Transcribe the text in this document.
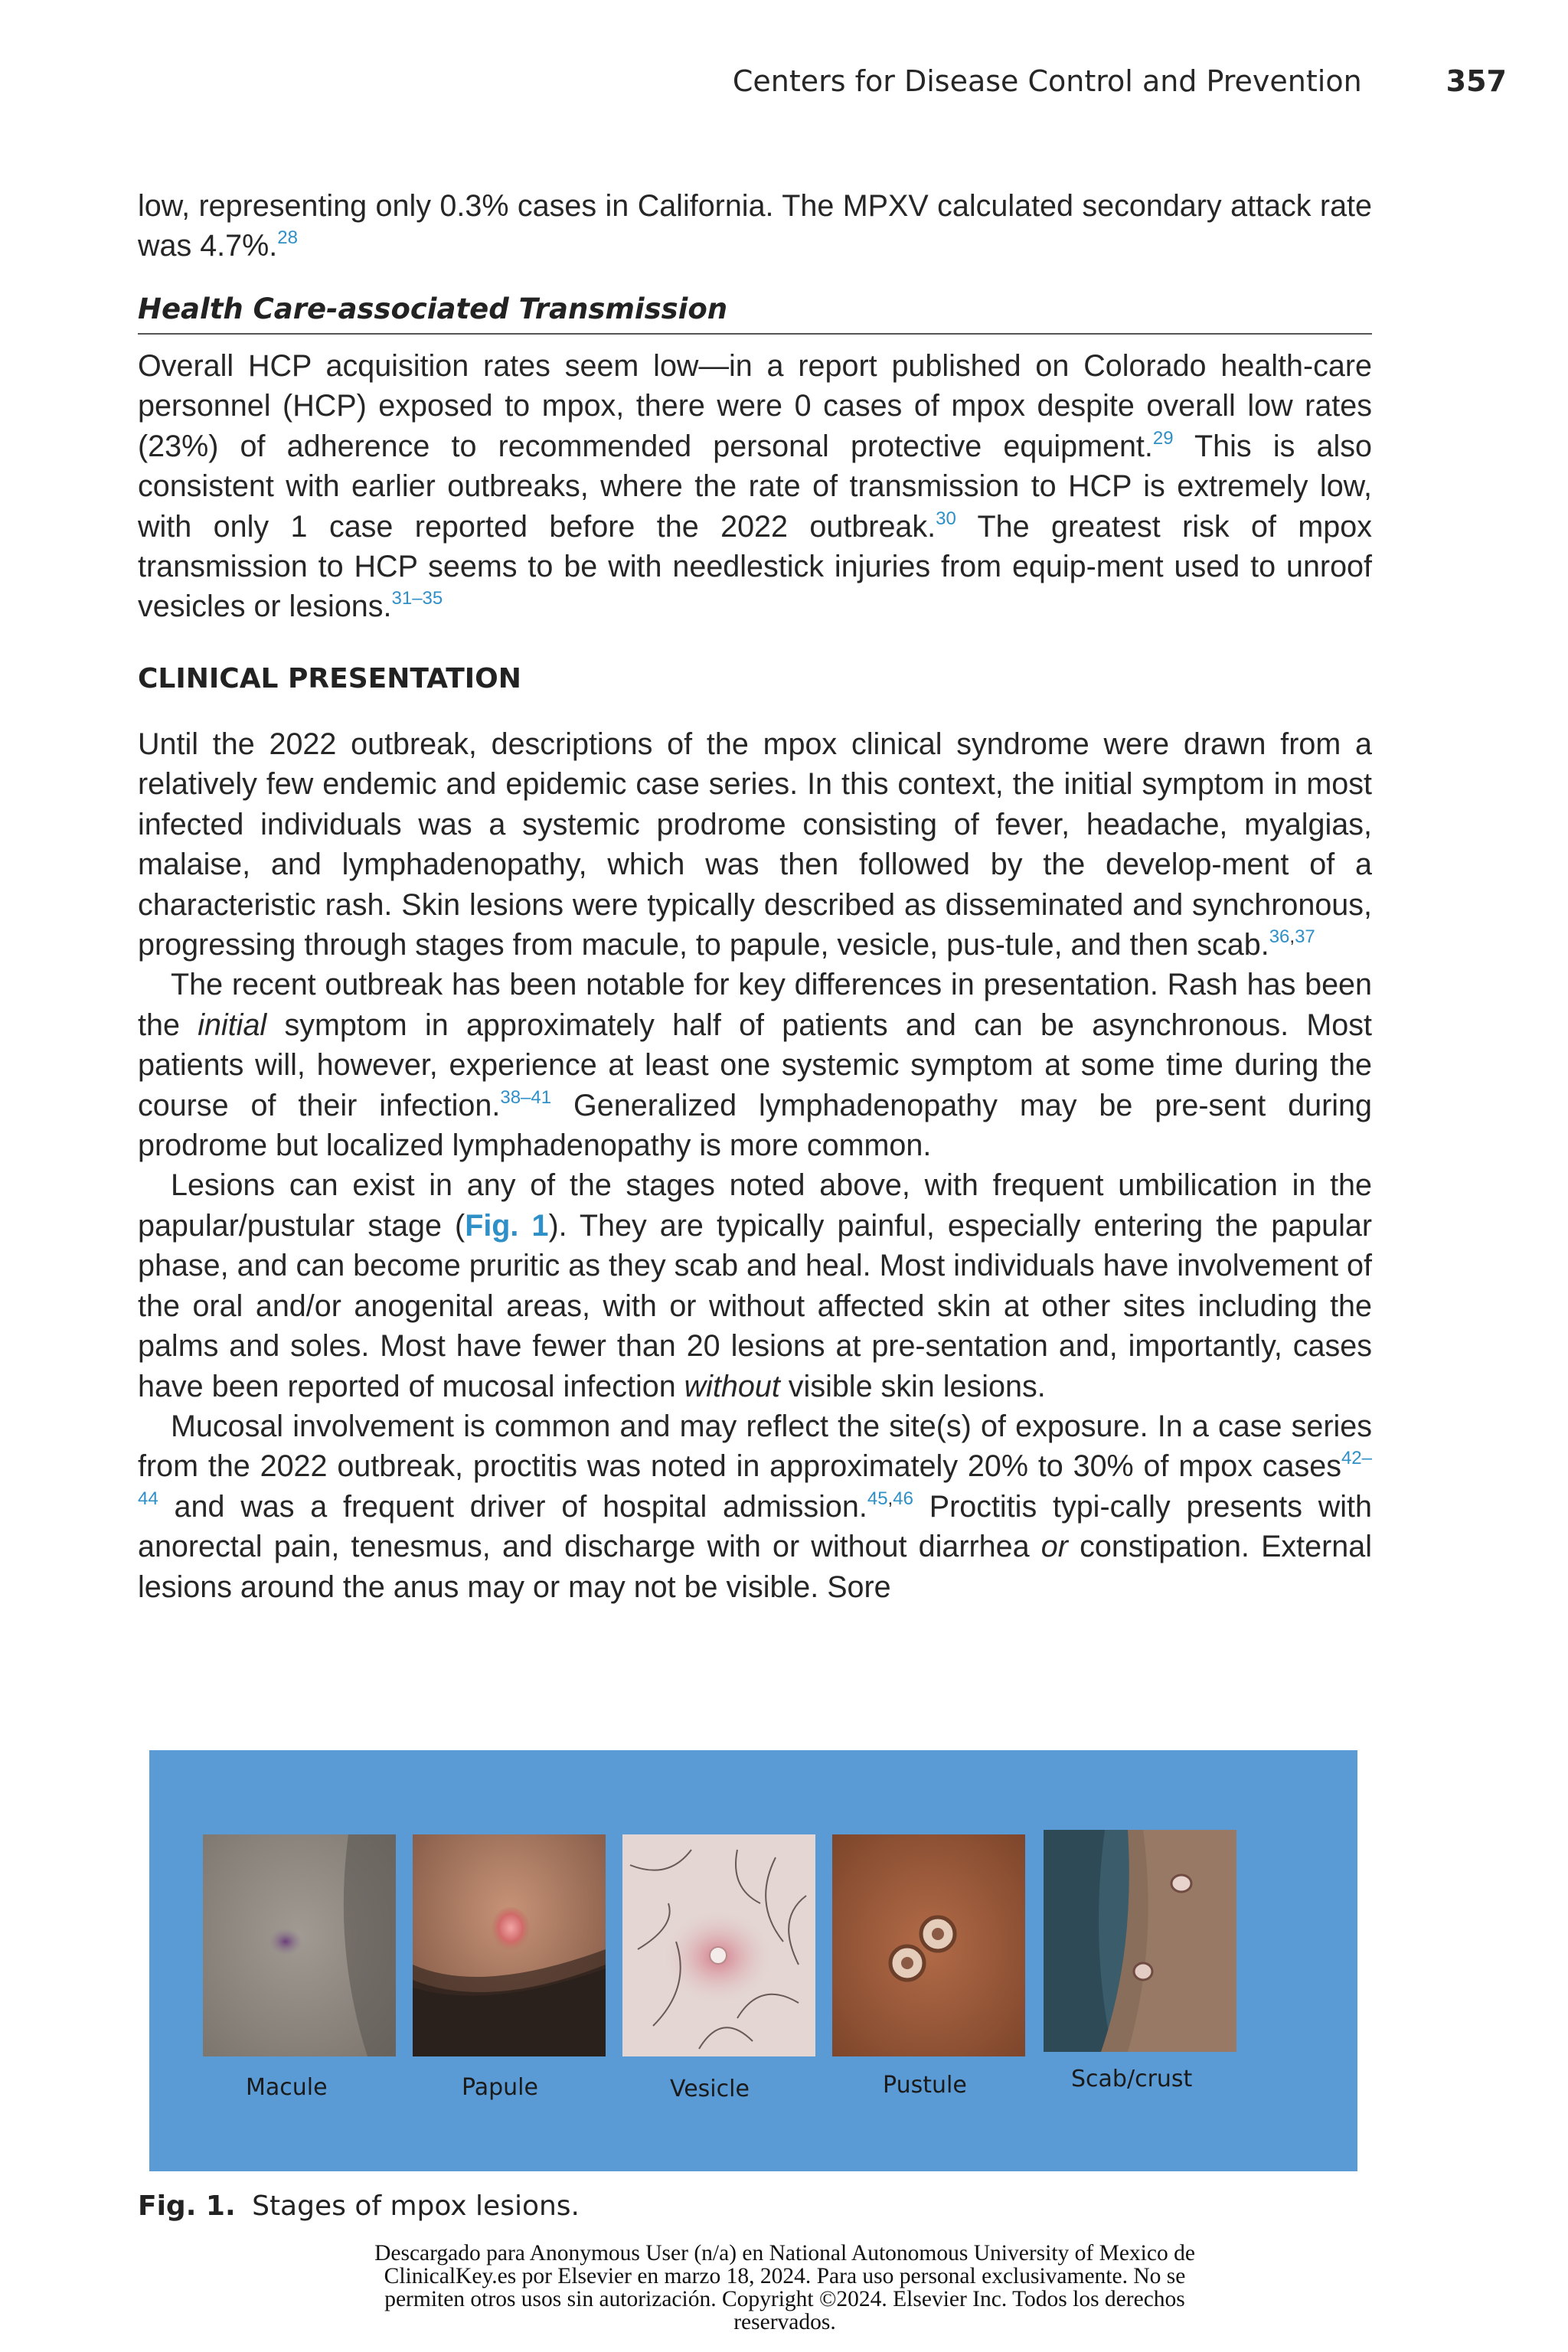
Centers for Disease Control and Prevention	357

low, representing only 0.3% cases in California. The MPXV calculated secondary attack rate was 4.7%.$^{28}$

Health Care-associated Transmission

Overall HCP acquisition rates seem low—in a report published on Colorado health-care personnel (HCP) exposed to mpox, there were 0 cases of mpox despite overall low rates (23%) of adherence to recommended personal protective equipment.$^{29}$ This is also consistent with earlier outbreaks, where the rate of transmission to HCP is extremely low, with only 1 case reported before the 2022 outbreak.$^{30}$ The greatest risk of mpox transmission to HCP seems to be with needlestick injuries from equip-ment used to unroof vesicles or lesions.$^{31-35}$

CLINICAL PRESENTATION

Until the 2022 outbreak, descriptions of the mpox clinical syndrome were drawn from a relatively few endemic and epidemic case series. In this context, the initial symptom in most infected individuals was a systemic prodrome consisting of fever, headache, myalgias, malaise, and lymphadenopathy, which was then followed by the develop-ment of a characteristic rash. Skin lesions were typically described as disseminated and synchronous, progressing through stages from macule, to papule, vesicle, pus-tule, and then scab.$^{36,37}$

The recent outbreak has been notable for key differences in presentation. Rash has been the initial symptom in approximately half of patients and can be asynchronous. Most patients will, however, experience at least one systemic symptom at some time during the course of their infection.$^{38-41}$ Generalized lymphadenopathy may be pre-sent during prodrome but localized lymphadenopathy is more common.

Lesions can exist in any of the stages noted above, with frequent umbilication in the papular/pustular stage (Fig. 1). They are typically painful, especially entering the papular phase, and can become pruritic as they scab and heal. Most individuals have involvement of the oral and/or anogenital areas, with or without affected skin at other sites including the palms and soles. Most have fewer than 20 lesions at pre-sentation and, importantly, cases have been reported of mucosal infection without visible skin lesions.

Mucosal involvement is common and may reflect the site(s) of exposure. In a case series from the 2022 outbreak, proctitis was noted in approximately 20% to 30% of mpox cases$^{42-44}$ and was a frequent driver of hospital admission.$^{45,46}$ Proctitis typi-cally presents with anorectal pain, tenesmus, and discharge with or without diarrhea or constipation. External lesions around the anus may or may not be visible. Sore

Macule	Papule	Vesicle	Pustule	Scab/crust
Fig. 1. Stages of mpox lesions.
Descargado para Anonymous User (n/a) en National Autonomous University of Mexico de
ClinicalKey.es por Elsevier en marzo 18, 2024. Para uso personal exclusivamente. No se
permiten otros usos sin autorización. Copyright ©2024. Elsevier Inc. Todos los derechos
reservados.
